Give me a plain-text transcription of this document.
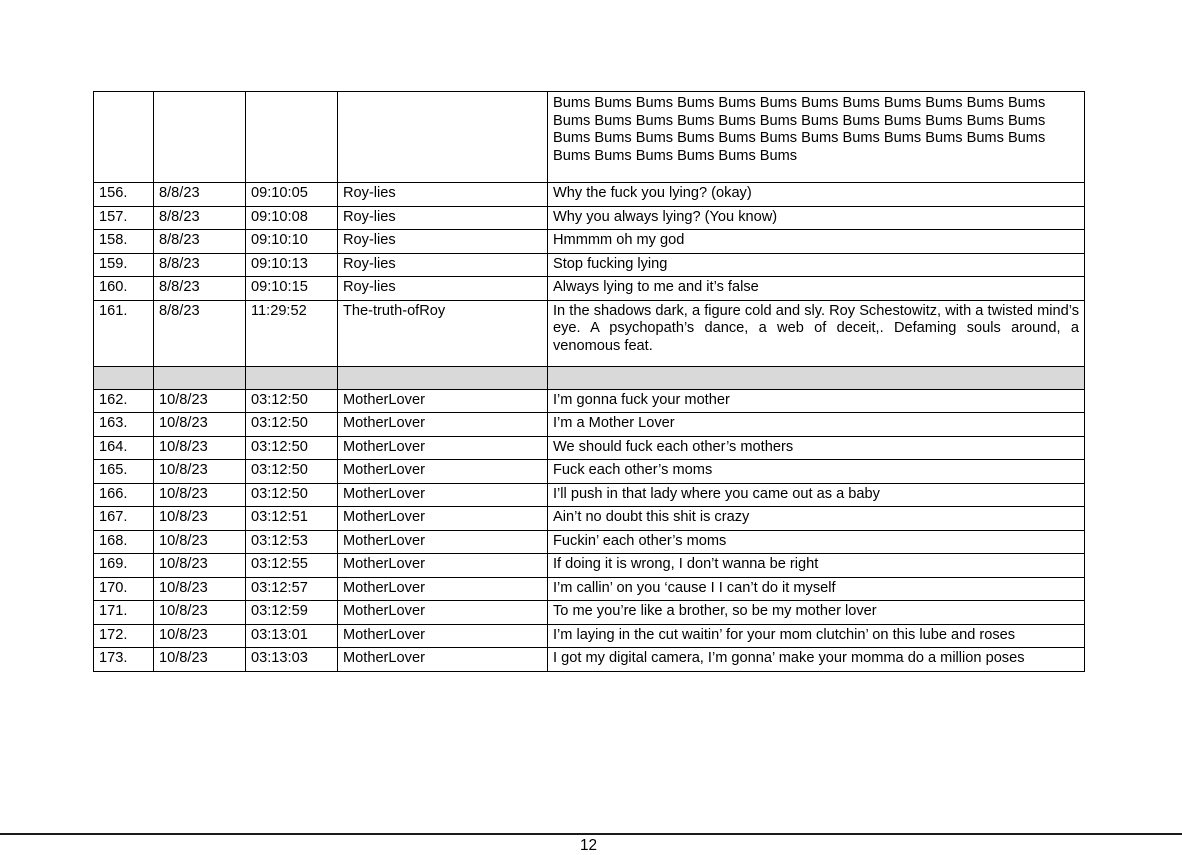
				Bums Bums Bums Bums Bums Bums Bums Bums Bums Bums Bums Bums Bums Bums Bums Bums Bums Bums Bums Bums Bums Bums Bums Bums Bums Bums Bums Bums Bums Bums Bums Bums Bums Bums Bums Bums Bums Bums Bums Bums Bums Bums
156.	8/8/23	09:10:05	Roy-lies	Why the fuck you lying? (okay)
157.	8/8/23	09:10:08	Roy-lies	Why you always lying? (You know)
158.	8/8/23	09:10:10	Roy-lies	Hmmmm oh my god
159.	8/8/23	09:10:13	Roy-lies	Stop fucking lying
160.	8/8/23	09:10:15	Roy-lies	Always lying to me and it’s false
161.	8/8/23	11:29:52	The-truth-ofRoy	In the shadows dark, a figure cold and sly. Roy Schestowitz, with a twisted mind’s eye. A psychopath’s dance, a web of deceit,. Defaming souls around, a venomous feat.

162.	10/8/23	03:12:50	MotherLover	I’m gonna fuck your mother
163.	10/8/23	03:12:50	MotherLover	I’m a Mother Lover
164.	10/8/23	03:12:50	MotherLover	We should fuck each other’s mothers
165.	10/8/23	03:12:50	MotherLover	Fuck each other’s moms
166.	10/8/23	03:12:50	MotherLover	I’ll push in that lady where you came out as a baby
167.	10/8/23	03:12:51	MotherLover	Ain’t no doubt this shit is crazy
168.	10/8/23	03:12:53	MotherLover	Fuckin’ each other’s moms
169.	10/8/23	03:12:55	MotherLover	If doing it is wrong, I don’t wanna be right
170.	10/8/23	03:12:57	MotherLover	I’m callin’ on you ‘cause I I can’t do it myself
171.	10/8/23	03:12:59	MotherLover	To me you’re like a brother, so be my mother lover
172.	10/8/23	03:13:01	MotherLover	I’m laying in the cut waitin’ for your mom clutchin’ on this lube and roses
173.	10/8/23	03:13:03	MotherLover	I got my digital camera, I’m gonna’ make your momma do a million poses
12
